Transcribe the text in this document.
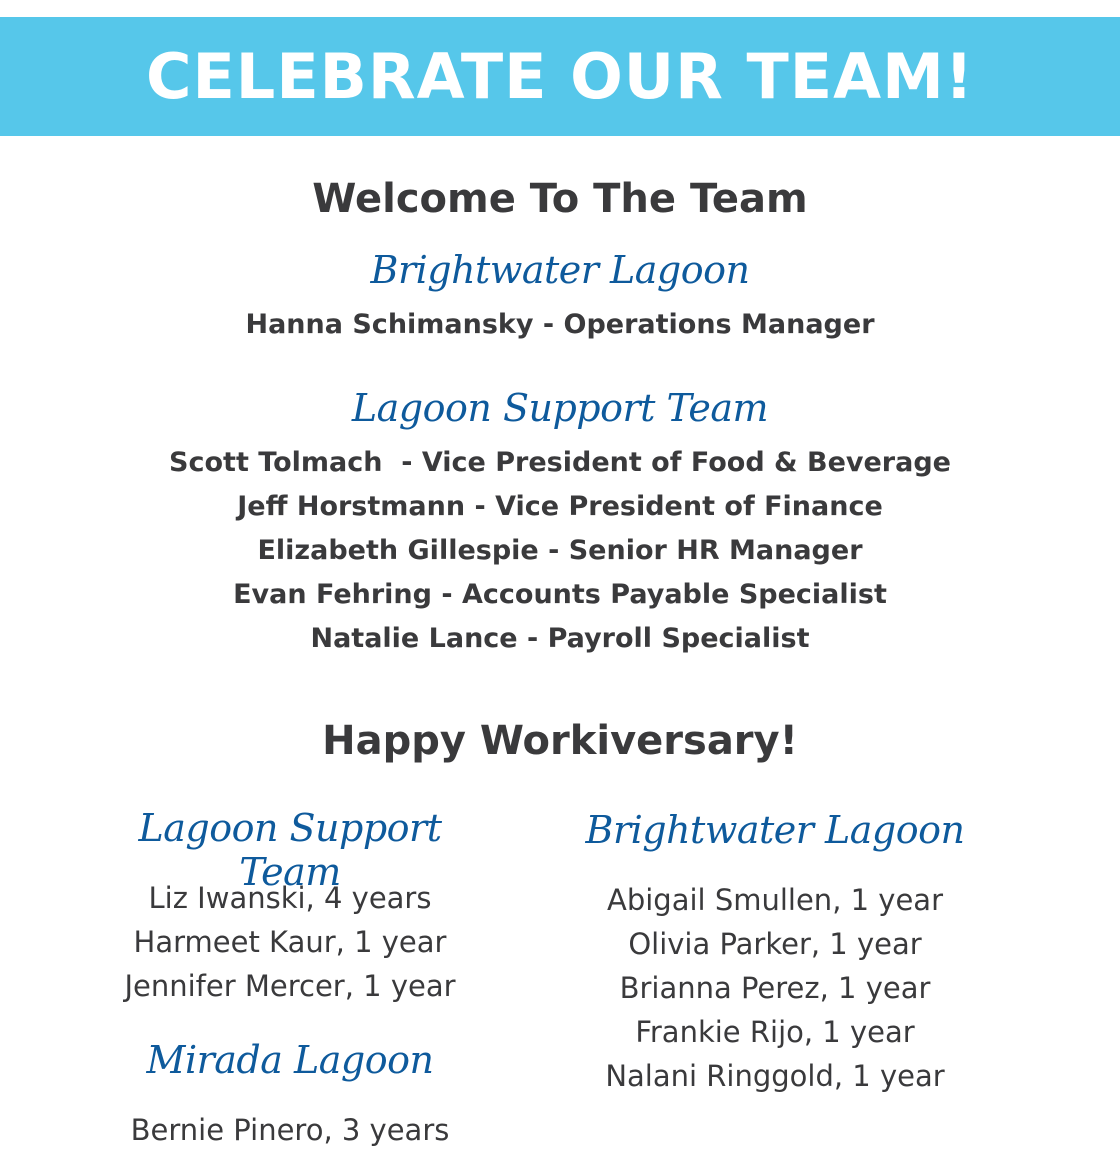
CELEBRATE OUR TEAM!
Welcome To The Team
Brightwater Lagoon
Hanna Schimansky - Operations Manager
Lagoon Support Team
Scott Tolmach  - Vice President of Food & Beverage
Jeff Horstmann - Vice President of Finance
Elizabeth Gillespie - Senior HR Manager
Evan Fehring - Accounts Payable Specialist
Natalie Lance - Payroll Specialist
Happy Workiversary!
Lagoon Support Team
Liz Iwanski, 4 years
Harmeet Kaur, 1 year
Jennifer Mercer, 1 year
Mirada Lagoon
Bernie Pinero, 3 years
Brightwater Lagoon
Abigail Smullen, 1 year
Olivia Parker, 1 year
Brianna Perez, 1 year
Frankie Rijo, 1 year
Nalani Ringgold, 1 year
